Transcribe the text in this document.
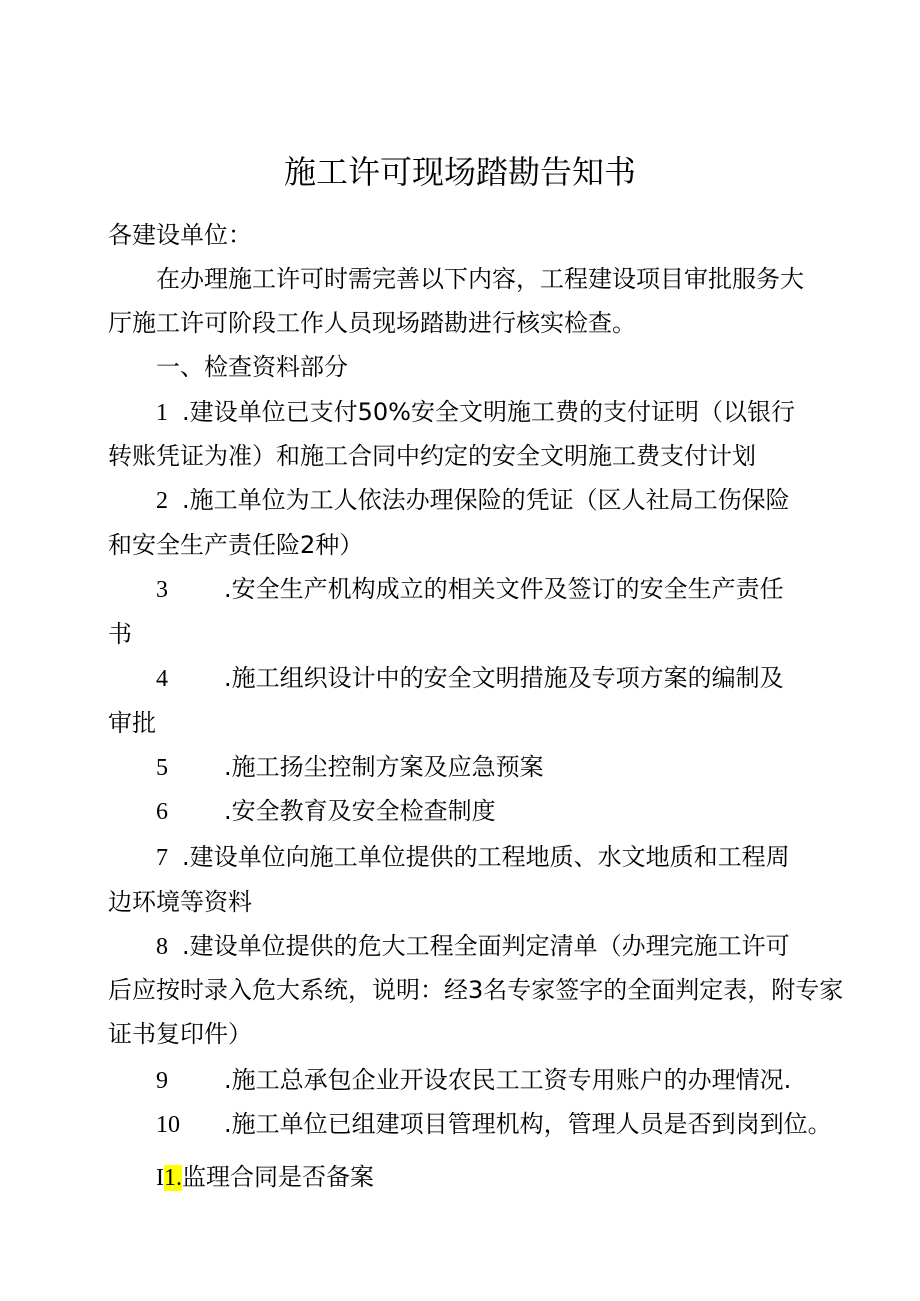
施工许可现场踏勘告知书
各建设单位：
在办理施工许可时需完善以下内容，工程建设项目审批服务大
厅施工许可阶段工作人员现场踏勘进行核实检查。
一、检查资料部分
1 .建设单位已支付50%安全文明施工费的支付证明（以银行
转账凭证为准）和施工合同中约定的安全文明施工费支付计划
2 .施工单位为工人依法办理保险的凭证（区人社局工伤保险
和安全生产责任险2种）
3 .安全生产机构成立的相关文件及签订的安全生产责任
书
4 .施工组织设计中的安全文明措施及专项方案的编制及
审批
5 .施工扬尘控制方案及应急预案
6 .安全教育及安全检查制度
7 .建设单位向施工单位提供的工程地质、水文地质和工程周
边环境等资料
8 .建设单位提供的危大工程全面判定清单（办理完施工许可
后应按时录入危大系统，说明：经3名专家签字的全面判定表，附专家
证书复印件）
9 .施工总承包企业开设农民工工资专用账户的办理情况.
10 .施工单位已组建项目管理机构，管理人员是否到岗到位。
I1.监理合同是否备案
